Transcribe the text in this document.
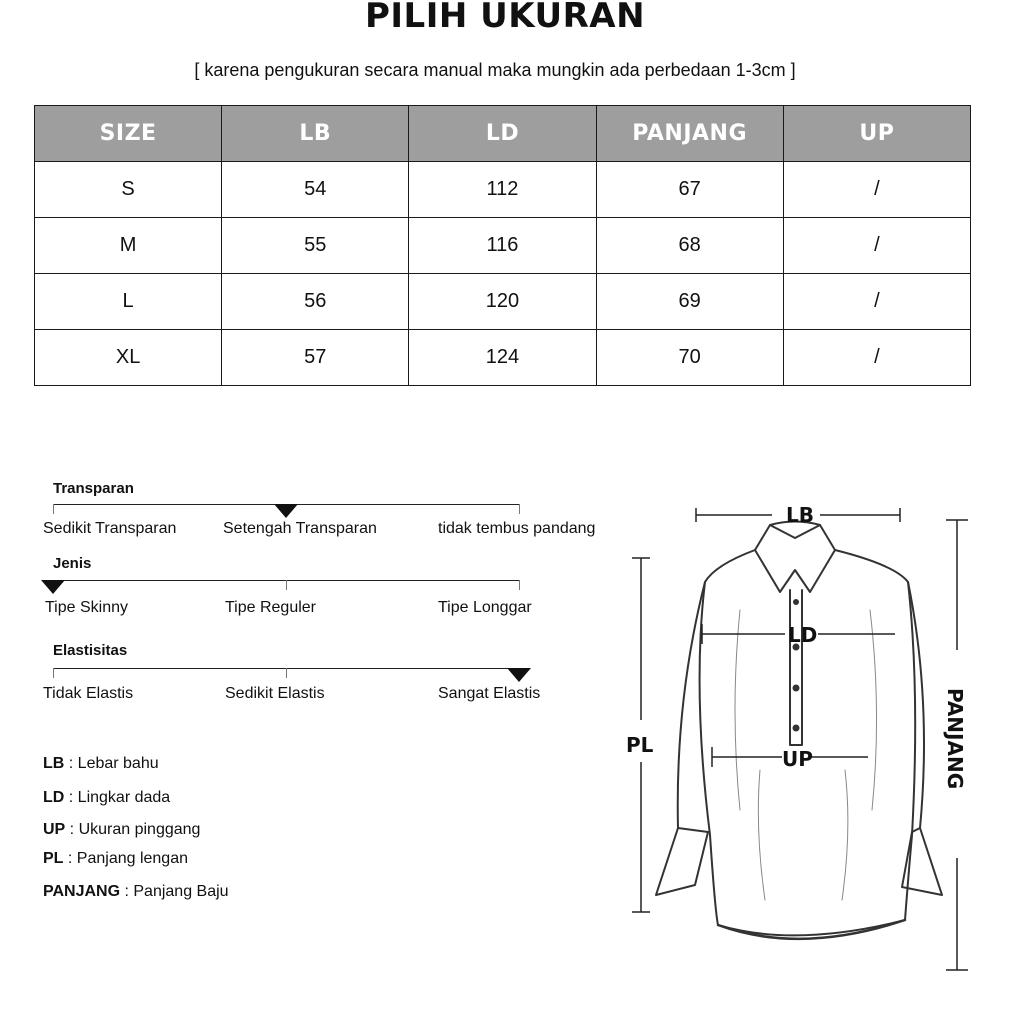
PILIH UKURAN
[ karena pengukuran secara manual maka mungkin ada perbedaan 1-3cm ]
SIZE	LB	LD	PANJANG	UP
S	54	112	67	/
M	55	116	68	/
L	56	120	69	/
XL	57	124	70	/
Transparan
Sedikit Transparan	Setengah Transparan	tidak tembus pandang
Jenis
Tipe Skinny	Tipe Reguler	Tipe Longgar
Elastisitas
Tidak Elastis	Sedikit Elastis	Sangat Elastis
LB : Lebar bahu
LD : Lingkar dada
UP : Ukuran pinggang
PL : Panjang lengan
PANJANG : Panjang Baju
LB
LD
UP
PL	PANJANG
